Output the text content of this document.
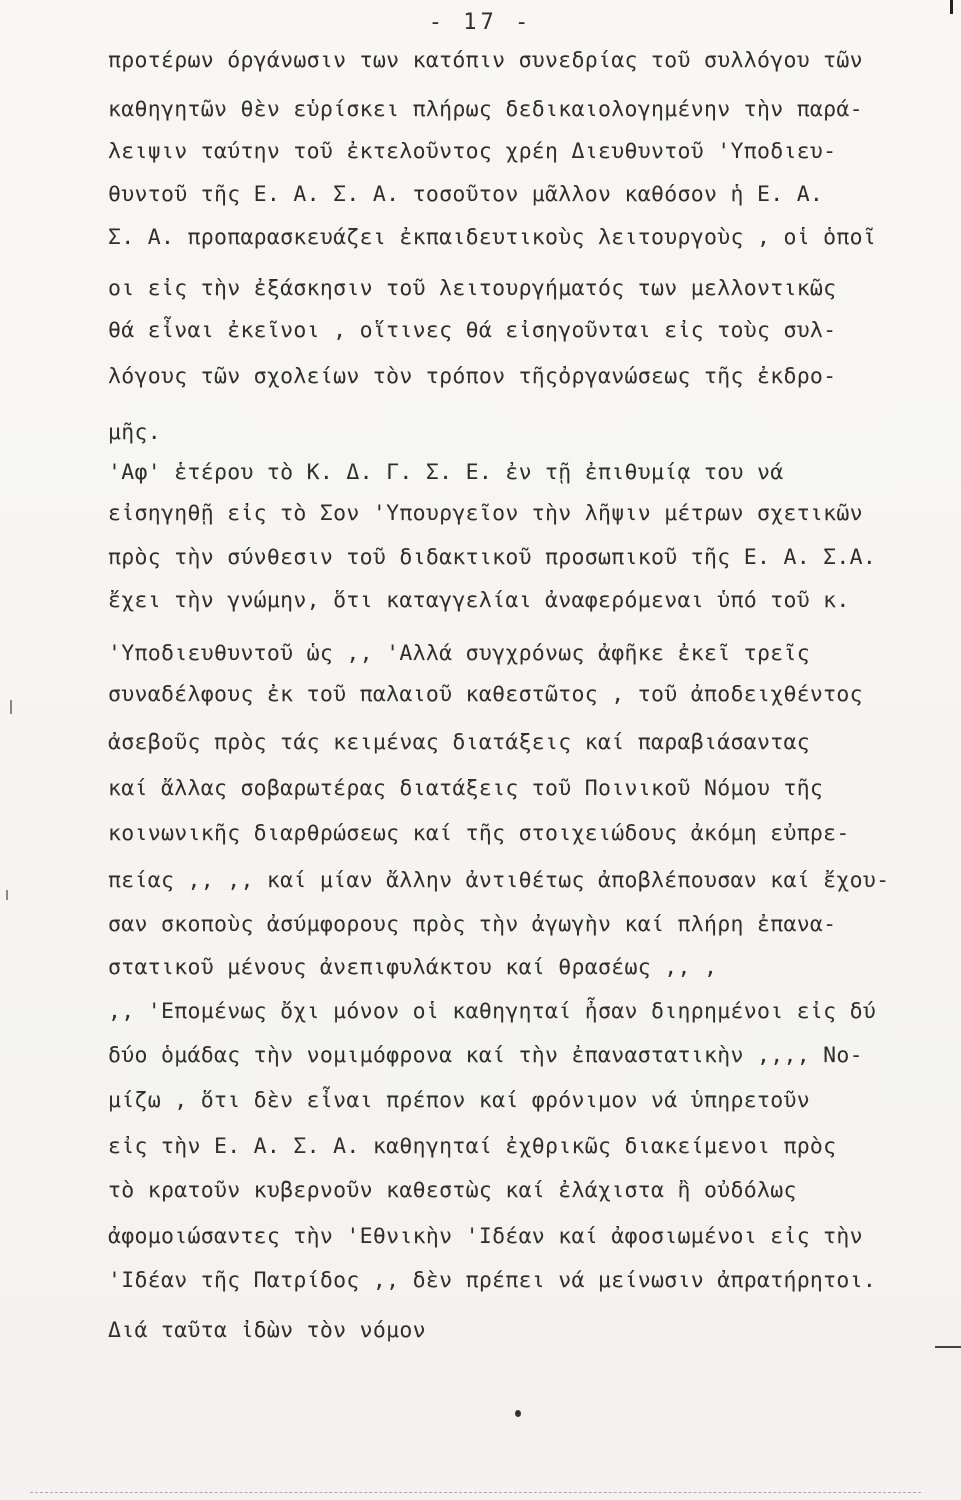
- 17 -

προτέρων όργάνωσιν των κατόπιν συνεδρίας τοῦ συλλόγου τῶν
καθηγητῶν θὲν εὑρίσκει πλήρως δεδικαιολογημένην τὴν παρά-
λειψιν ταύτην τοῦ ἐκτελοῦντος χρέη Διευθυντοῦ 'Υποδιευ-
θυντοῦ τῆς Ε. Α. Σ. Α. τοσοῦτον μᾶλλον καθόσον ἡ Ε. Α.
Σ. Α. προπαρασκευάζει ἐκπαιδευτικοὺς λειτουργοὺς , οἱ ὁποῖ
οι εἰς τὴν ἐξάσκησιν τοῦ λειτουργήματός των μελλοντικῶς
θά εἶναι ἐκεῖνοι , οἵτινες θά εἰσηγοῦνται εἰς τοὺς συλ-
λόγους τῶν σχολείων τὸν τρόπον τῆςὀργανώσεως τῆς ἐκδρο-
μῆς.
'Αφ' ἑτέρου τὸ Κ. Δ. Γ. Σ. Ε. ἐν τῇ ἐπιθυμίᾳ του νά
εἰσηγηθῇ εἰς τὸ Σον 'Υπουργεῖον τὴν λῆψιν μέτρων σχετικῶν
πρὸς τὴν σύνθεσιν τοῦ διδακτικοῦ προσωπικοῦ τῆς Ε. Α. Σ.Α.
ἔχει τὴν γνώμην, ὅτι καταγγελίαι ἀναφερόμεναι ὑπό τοῦ κ.
'Υποδιευθυντοῦ ὡς ,, 'Αλλά συγχρόνως ἀφῆκε ἐκεῖ τρεῖς
συναδέλφους ἐκ τοῦ παλαιοῦ καθεστῶτος , τοῦ ἀποδειχθέντος
ἀσεβοῦς πρὸς τάς κειμένας διατάξεις καί παραβιάσαντας
καί ἄλλας σοβαρωτέρας διατάξεις τοῦ Ποινικοῦ Νόμου τῆς
κοινωνικῆς διαρθρώσεως καί τῆς στοιχειώδους ἀκόμη εὐπρε-
πείας ,, ,, καί μίαν ἄλλην ἀντιθέτως ἀποβλέπουσαν καί ἔχου-
σαν σκοποὺς ἀσύμφορους πρὸς τὴν ἀγωγὴν καί πλήρη ἐπανα-
στατικοῦ μένους ἀνεπιφυλάκτου καί θρασέως ,, ,
,, 'Επομένως ὄχι μόνον οἱ καθηγηταί ἦσαν διηρημένοι εἰς δύ
δύο ὁμάδας τὴν νομιμόφρονα καί τὴν ἐπαναστατικὴν ,,,, Νο-
μίζω , ὅτι δὲν εἶναι πρέπον καί φρόνιμον νά ὑπηρετοῦν
εἰς τὴν Ε. Α. Σ. Α. καθηγηταί ἐχθρικῶς διακείμενοι πρὸς
τὸ κρατοῦν κυβερνοῦν καθεστὼς καί ἐλάχιστα ἢ οὐδόλως
ἀφομοιώσαντες τὴν 'Εθνικὴν 'Ιδέαν καί ἀφοσιωμένοι εἰς τὴν
'Ιδέαν τῆς Πατρίδος ,, δὲν πρέπει νά μείνωσιν ἀπρατήρητοι.
Διά ταῦτα ἰδὼν τὸν νόμον
